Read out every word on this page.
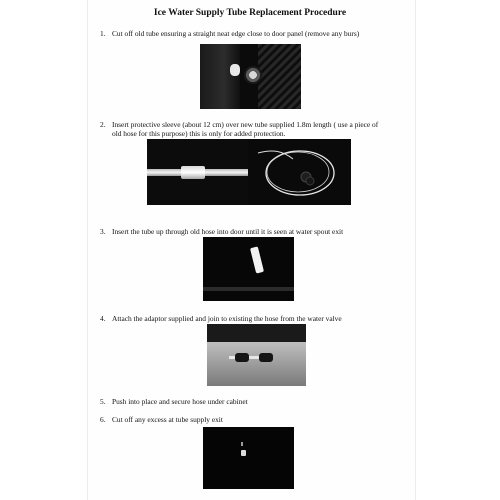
Ice Water Supply Tube Replacement Procedure
1. Cut off old tube ensuring a straight neat edge close to door panel (remove any burs)
2. Insert protective sleeve (about 12 cm) over new tube supplied 1.8m length ( use a piece of
old hose for this purpose) this is only for added protection.
3. Insert the tube up through old hose into door until it is seen at water spout exit
4. Attach the adaptor supplied and join to existing the hose from the water valve
5. Push into place and secure hose under cabinet
6. Cut off any excess at tube supply exit
